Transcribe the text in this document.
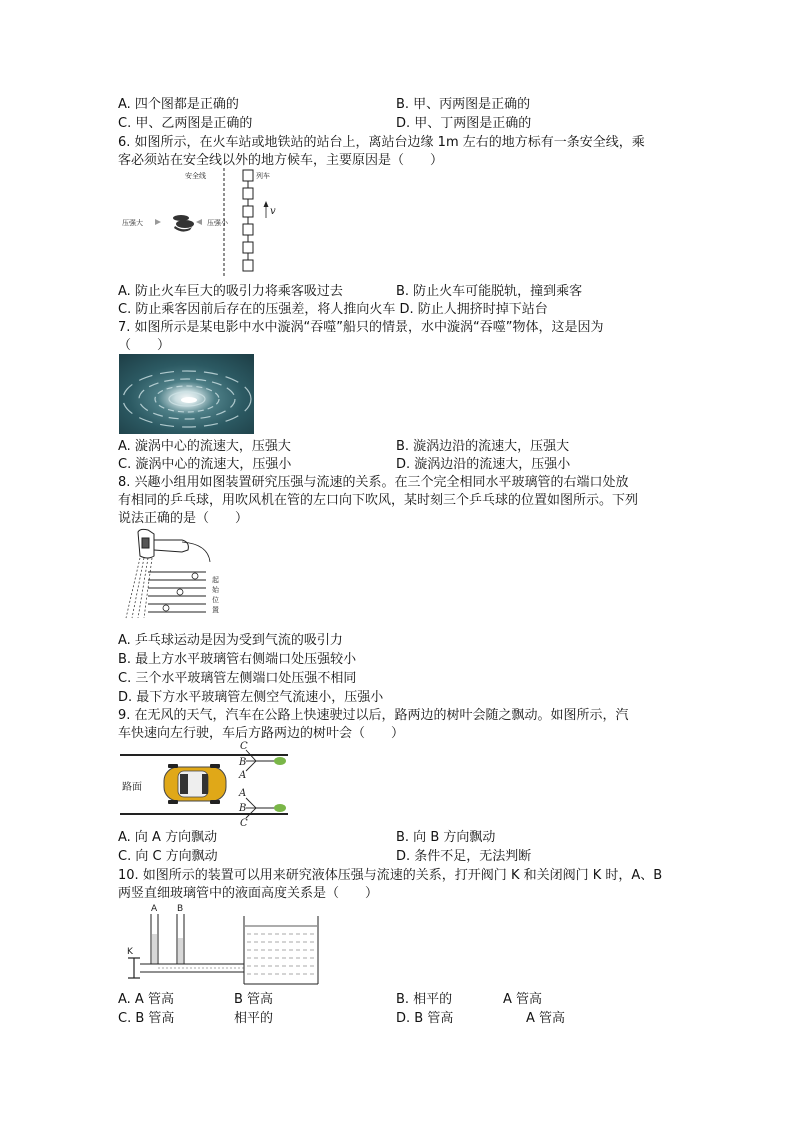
A. 四个图都是正确的	B. 甲、丙两图是正确的
C. 甲、乙两图是正确的	D. 甲、丁两图是正确的
6. 如图所示，在火车站或地铁站的站台上，离站台边缘 1m 左右的地方标有一条安全线，乘
客必须站在安全线以外的地方候车，主要原因是（　　）
安全线	列车
v
压强大	压强小
A. 防止火车巨大的吸引力将乘客吸过去	B. 防止火车可能脱轨，撞到乘客
C. 防止乘客因前后存在的压强差，将人推向火车 D. 防止人拥挤时掉下站台
7. 如图所示是某电影中水中漩涡“吞噬”船只的情景，水中漩涡“吞噬”物体，这是因为
（　　）
A. 漩涡中心的流速大，压强大	B. 漩涡边沿的流速大，压强大
C. 漩涡中心的流速大，压强小	D. 漩涡边沿的流速大，压强小
8. 兴趣小组用如图装置研究压强与流速的关系。在三个完全相同水平玻璃管的右端口处放
有相同的乒乓球，用吹风机在管的左口向下吹风，某时刻三个乒乓球的位置如图所示。下列
说法正确的是（　　）
起
始
位
置
A. 乒乓球运动是因为受到气流的吸引力
B. 最上方水平玻璃管右侧端口处压强较小
C. 三个水平玻璃管左侧端口处压强不相同
D. 最下方水平玻璃管左侧空气流速小，压强小
9. 在无风的天气，汽车在公路上快速驶过以后，路两边的树叶会随之飘动。如图所示，汽
车快速向左行驶，车后方路两边的树叶会（　　）
路面
C
B
A
A
B
C
A. 向 A 方向飘动	B. 向 B 方向飘动
C. 向 C 方向飘动	D. 条件不足，无法判断
10. 如图所示的装置可以用来研究液体压强与流速的关系，打开阀门 K 和关闭阀门 K 时，A、B
两竖直细玻璃管中的液面高度关系是（　　）
A B
K
A. A 管高	B 管高	B. 相平的	A 管高
C. B 管高	相平的	D. B 管高	A 管高
